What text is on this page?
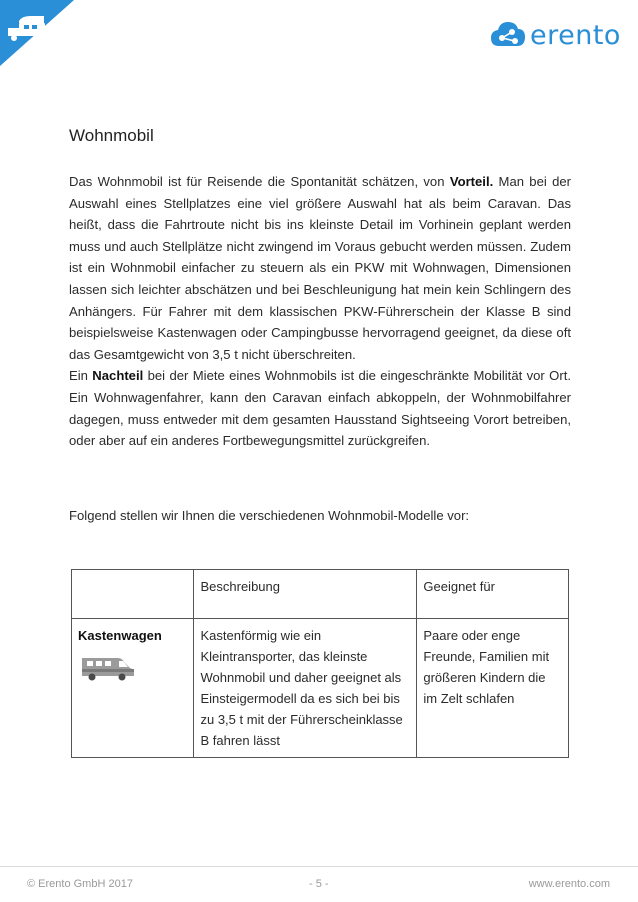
erento
Wohnmobil

Das Wohnmobil ist für Reisende die Spontanität schätzen, von Vorteil. Man bei der Auswahl eines Stellplatzes eine viel größere Auswahl hat als beim Caravan. Das heißt, dass die Fahrtroute nicht bis ins kleinste Detail im Vorhinein geplant werden muss und auch Stellplätze nicht zwingend im Voraus gebucht werden müssen. Zudem ist ein Wohnmobil einfacher zu steuern als ein PKW mit Wohnwagen, Dimensionen lassen sich leichter abschätzen und bei Beschleunigung hat mein kein Schlingern des Anhängers. Für Fahrer mit dem klassischen PKW-Führerschein der Klasse B sind beispielsweise Kastenwagen oder Campingbusse hervorragend geeignet, da diese oft das Gesamtgewicht von 3,5 t nicht überschreiten.

Ein Nachteil bei der Miete eines Wohnmobils ist die eingeschränkte Mobilität vor Ort. Ein Wohnwagenfahrer, kann den Caravan einfach abkoppeln, der Wohnmobilfahrer dagegen, muss entweder mit dem gesamten Hausstand Sightseeing Vorort betreiben, oder aber auf ein anderes Fortbewegungsmittel zurückgreifen.

Folgend stellen wir Ihnen die verschiedenen Wohnmobil-Modelle vor:
	Beschreibung	Geeignet für

Kastenwagen	Kastenförmig wie ein Kleintransporter, das kleinste Wohnmobil und daher geeignet als Einsteigermodell da es sich bei bis zu 3,5 t mit der Führerscheinklasse B fahren lässt	Paare oder enge Freunde, Familien mit größeren Kindern die im Zelt schlafen
© Erento GmbH 2017	- 5 -	www.erento.com
